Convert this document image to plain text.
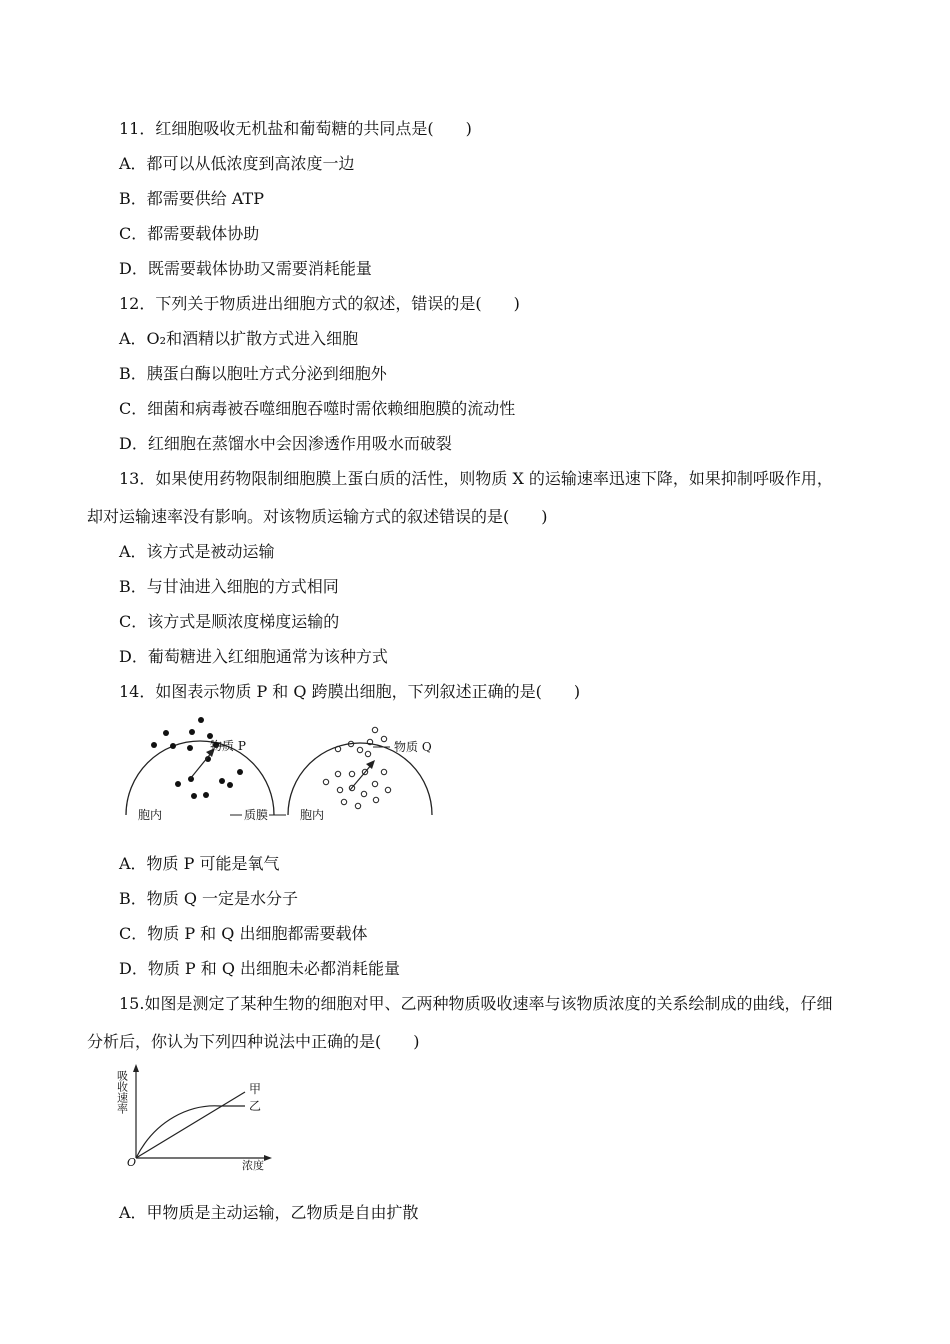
11．红细胞吸收无机盐和葡萄糖的共同点是(　　)
A．都可以从低浓度到高浓度一边
B．都需要供给 ATP
C．都需要载体协助
D．既需要载体协助又需要消耗能量
12．下列关于物质进出细胞方式的叙述，错误的是(　　)
A．O₂和酒精以扩散方式进入细胞
B．胰蛋白酶以胞吐方式分泌到细胞外
C．细菌和病毒被吞噬细胞吞噬时需依赖细胞膜的流动性
D．红细胞在蒸馏水中会因渗透作用吸水而破裂
13．如果使用药物限制细胞膜上蛋白质的活性，则物质 X 的运输速率迅速下降，如果抑制呼吸作用，
却对运输速率没有影响。对该物质运输方式的叙述错误的是(　　)
A．该方式是被动运输
B．与甘油进入细胞的方式相同
C．该方式是顺浓度梯度运输的
D．葡萄糖进入红细胞通常为该种方式
14．如图表示物质 P 和 Q 跨膜出细胞，下列叙述正确的是(　　)
物质 P
质膜
胞内
物质 Q
胞内
A．物质 P 可能是氧气
B．物质 Q 一定是水分子
C．物质 P 和 Q 出细胞都需要载体
D．物质 P 和 Q 出细胞未必都消耗能量
15.如图是测定了某种生物的细胞对甲、乙两种物质吸收速率与该物质浓度的关系绘制成的曲线，仔细
分析后，你认为下列四种说法中正确的是(　　)
吸收速率
O	浓度
甲
乙
A．甲物质是主动运输，乙物质是自由扩散
